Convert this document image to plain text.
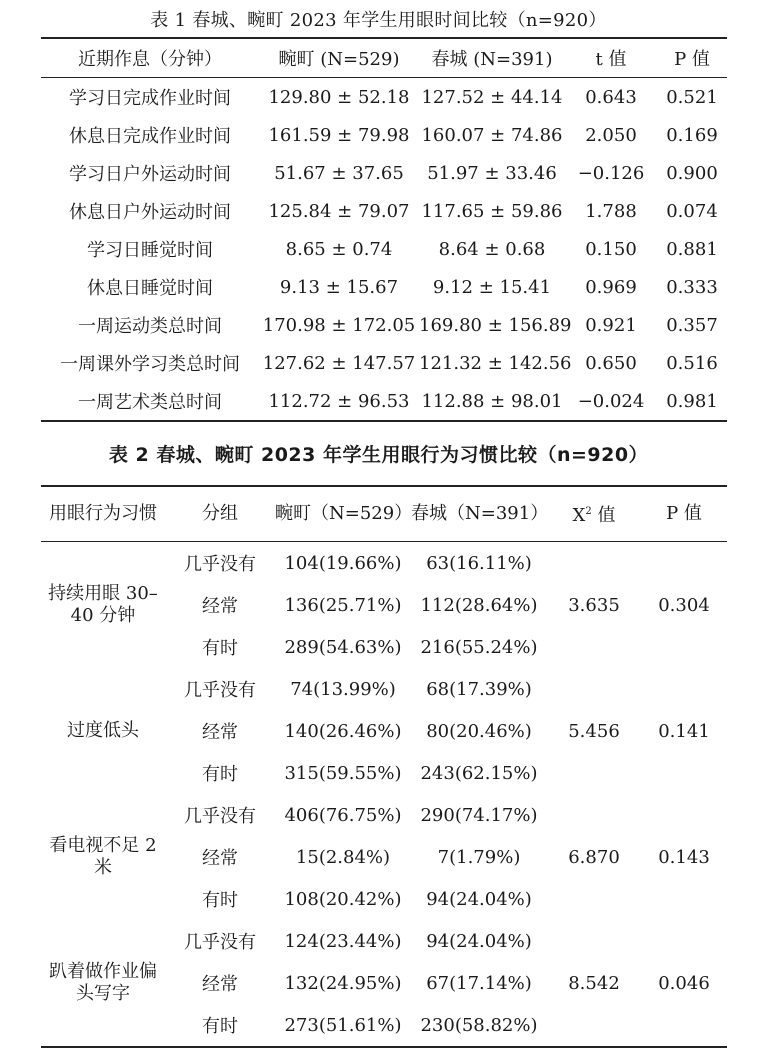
表 1 春城、畹町 2023 年学生用眼时间比较（n=920）
近期作息（分钟）	畹町 (N=529)	春城 (N=391)	t 值	P 值
学习日完成作业时间	129.80 ± 52.18	127.52 ± 44.14	0.643	0.521
休息日完成作业时间	161.59 ± 79.98	160.07 ± 74.86	2.050	0.169
学习日户外运动时间	51.67 ± 37.65	51.97 ± 33.46	−0.126	0.900
休息日户外运动时间	125.84 ± 79.07	117.65 ± 59.86	1.788	0.074
学习日睡觉时间	8.65 ± 0.74	8.64 ± 0.68	0.150	0.881
休息日睡觉时间	9.13 ± 15.67	9.12 ± 15.41	0.969	0.333
一周运动类总时间	170.98 ± 172.05	169.80 ± 156.89	0.921	0.357
一周课外学习类总时间	127.62 ± 147.57	121.32 ± 142.56	0.650	0.516
一周艺术类总时间	112.72 ± 96.53	112.88 ± 98.01	−0.024	0.981
表 2 春城、畹町 2023 年学生用眼行为习惯比较（n=920）
用眼行为习惯	分组	畹町（N=529）	春城（N=391）	$X^2$ 值	P 值
持续用眼 30–40 分钟	几乎没有	104(19.66%)	63(16.11%)	3.635	0.304
	经常	136(25.71%)	112(28.64%)		
	有时	289(54.63%)	216(55.24%)		
过度低头	几乎没有	74(13.99%)	68(17.39%)	5.456	0.141
	经常	140(26.46%)	80(20.46%)		
	有时	315(59.55%)	243(62.15%)		
看电视不足 2 米	几乎没有	406(76.75%)	290(74.17%)	6.870	0.143
	经常	15(2.84%)	7(1.79%)		
	有时	108(20.42%)	94(24.04%)		
趴着做作业偏头写字	几乎没有	124(23.44%)	94(24.04%)	8.542	0.046
	经常	132(24.95%)	67(17.14%)		
	有时	273(51.61%)	230(58.82%)		
